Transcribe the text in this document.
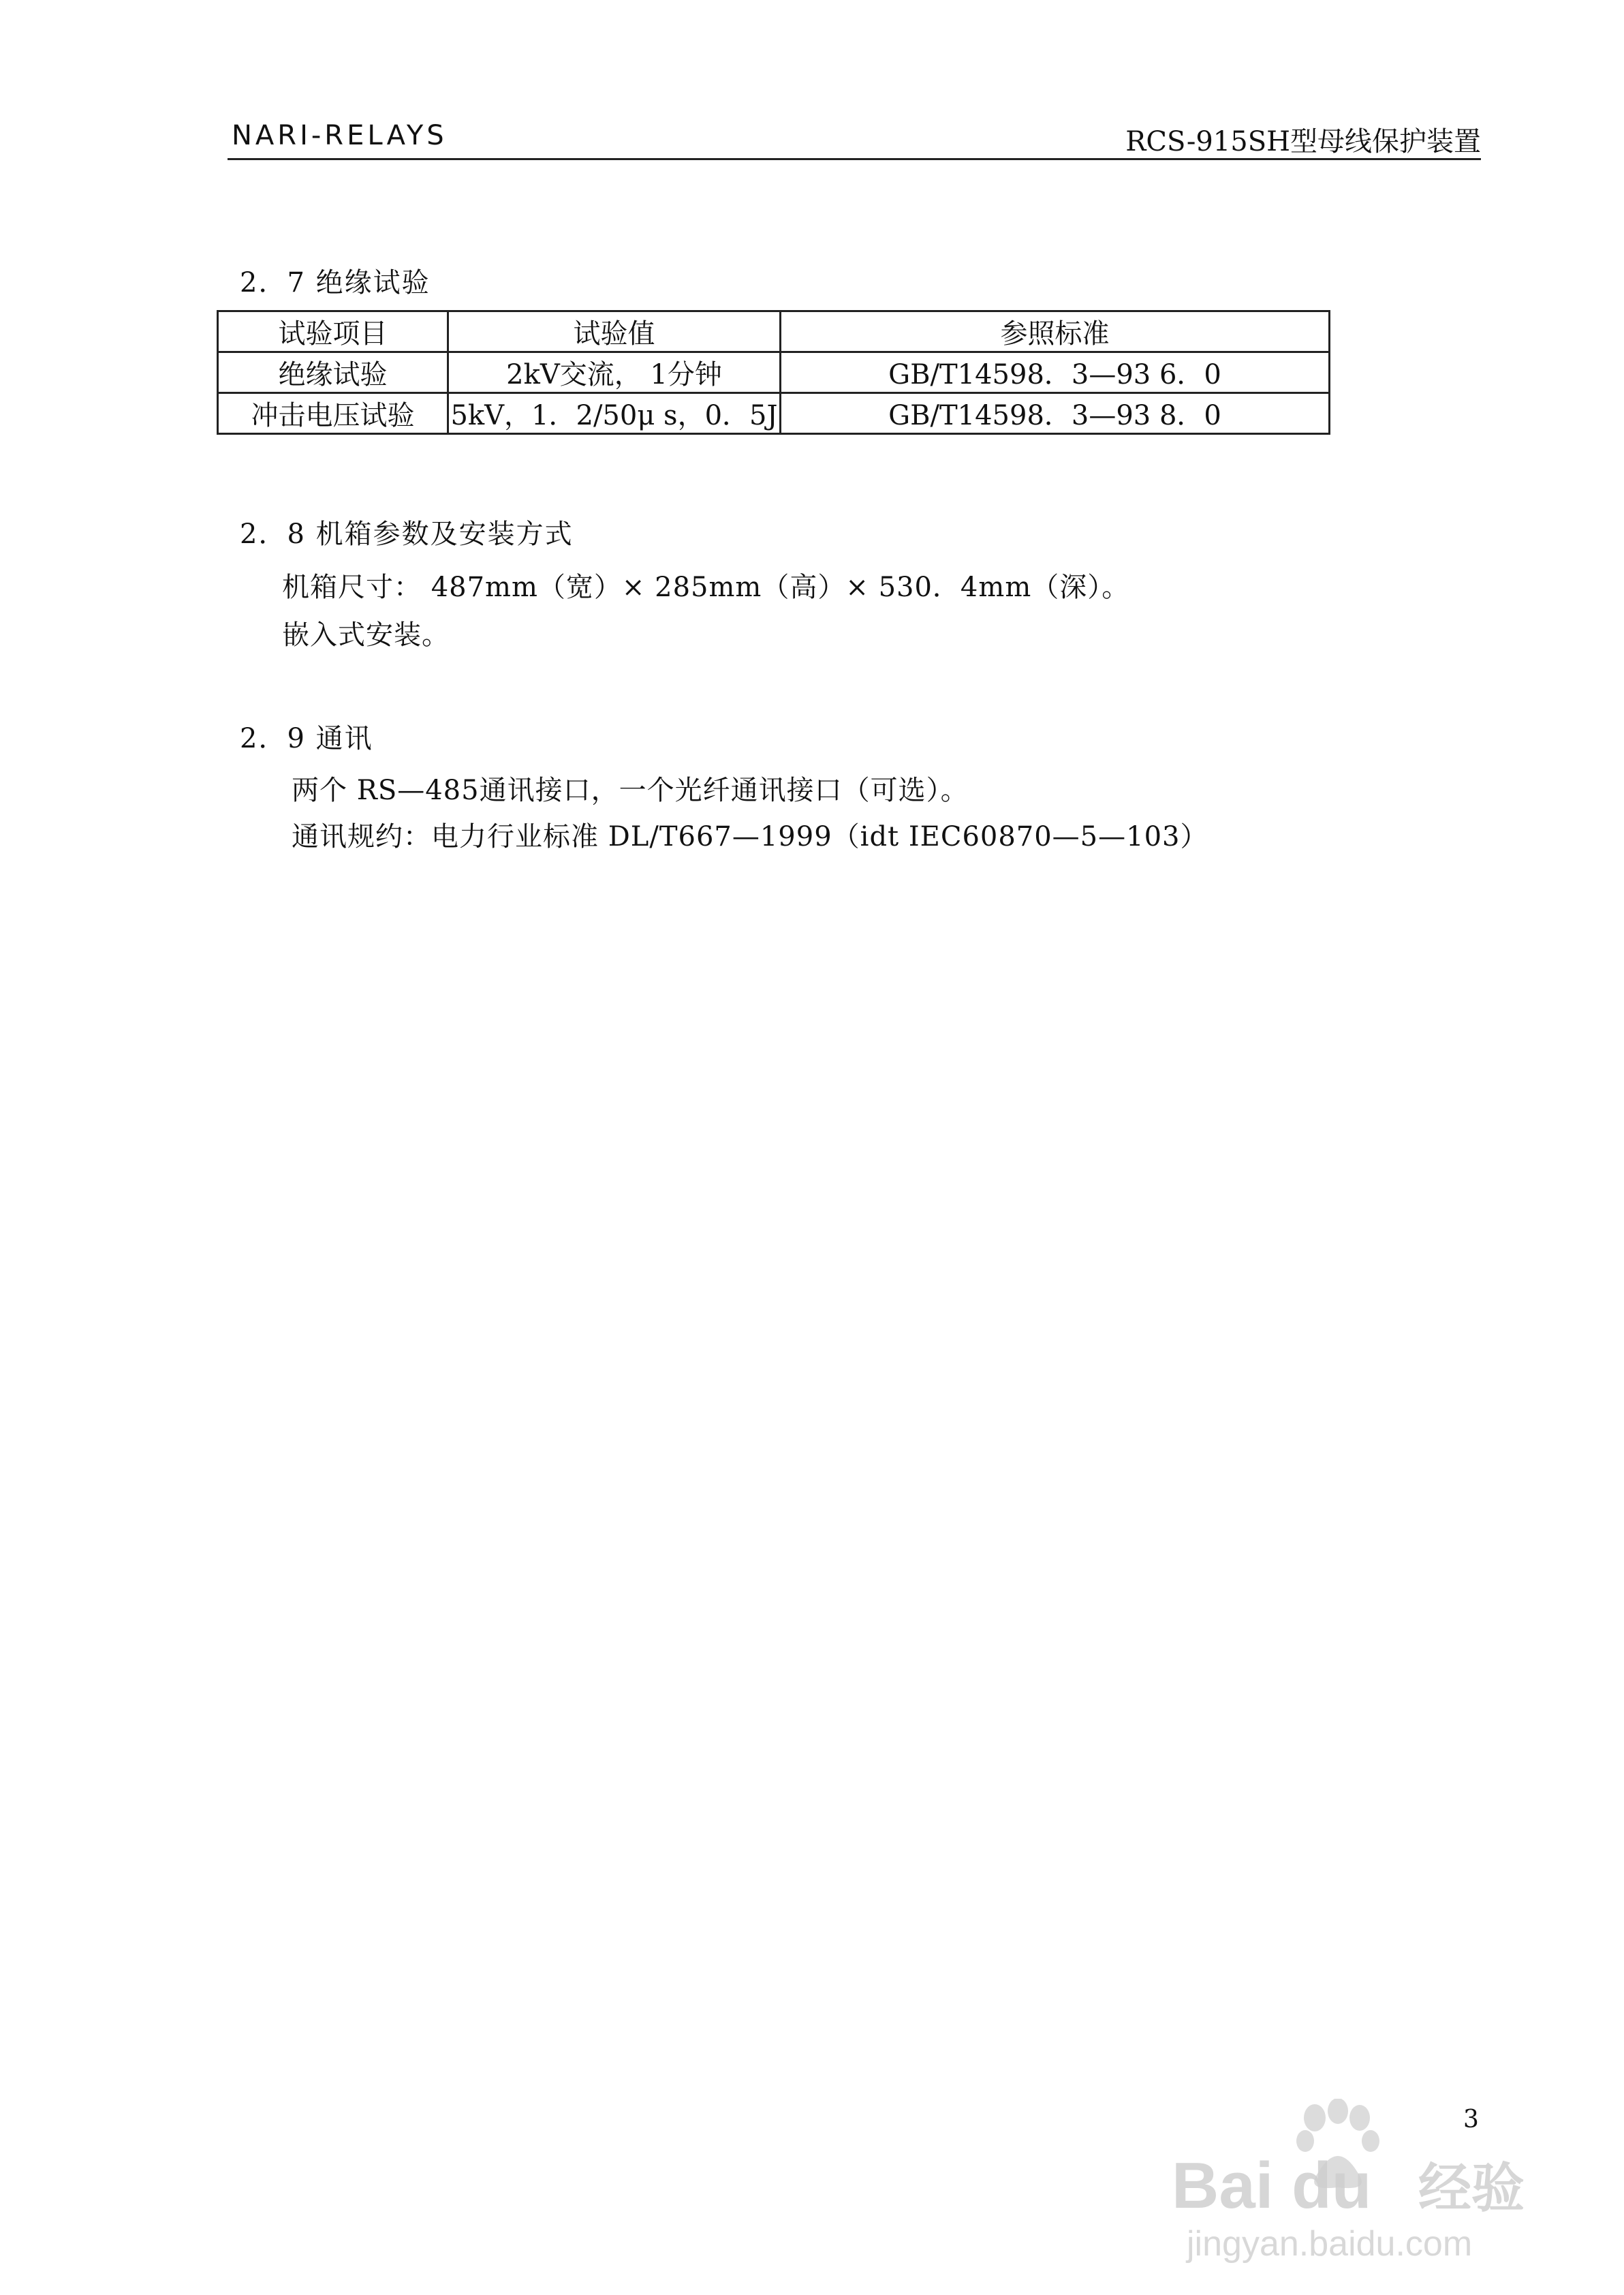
NARI-RELAYS	RCS-915SH型母线保护装置
2．7 绝缘试验
试验项目	试验值	参照标准
绝缘试验	2kV交流， 1分钟	GB/T14598．3—93 6．0
冲击电压试验	5kV，1．2/50μ s，0．5J	GB/T14598．3—93 8．0
2．8 机箱参数及安装方式
机箱尺寸： 487mm（宽）× 285mm（高）× 530．4mm（深）。
嵌入式安装。
2．9 通讯
两个 RS—485通讯接口，一个光纤通讯接口（可选）。
通讯规约：电力行业标准 DL/T667—1999（idt IEC60870—5—103）
3
Bai du 经验
jingyan.baidu.com
